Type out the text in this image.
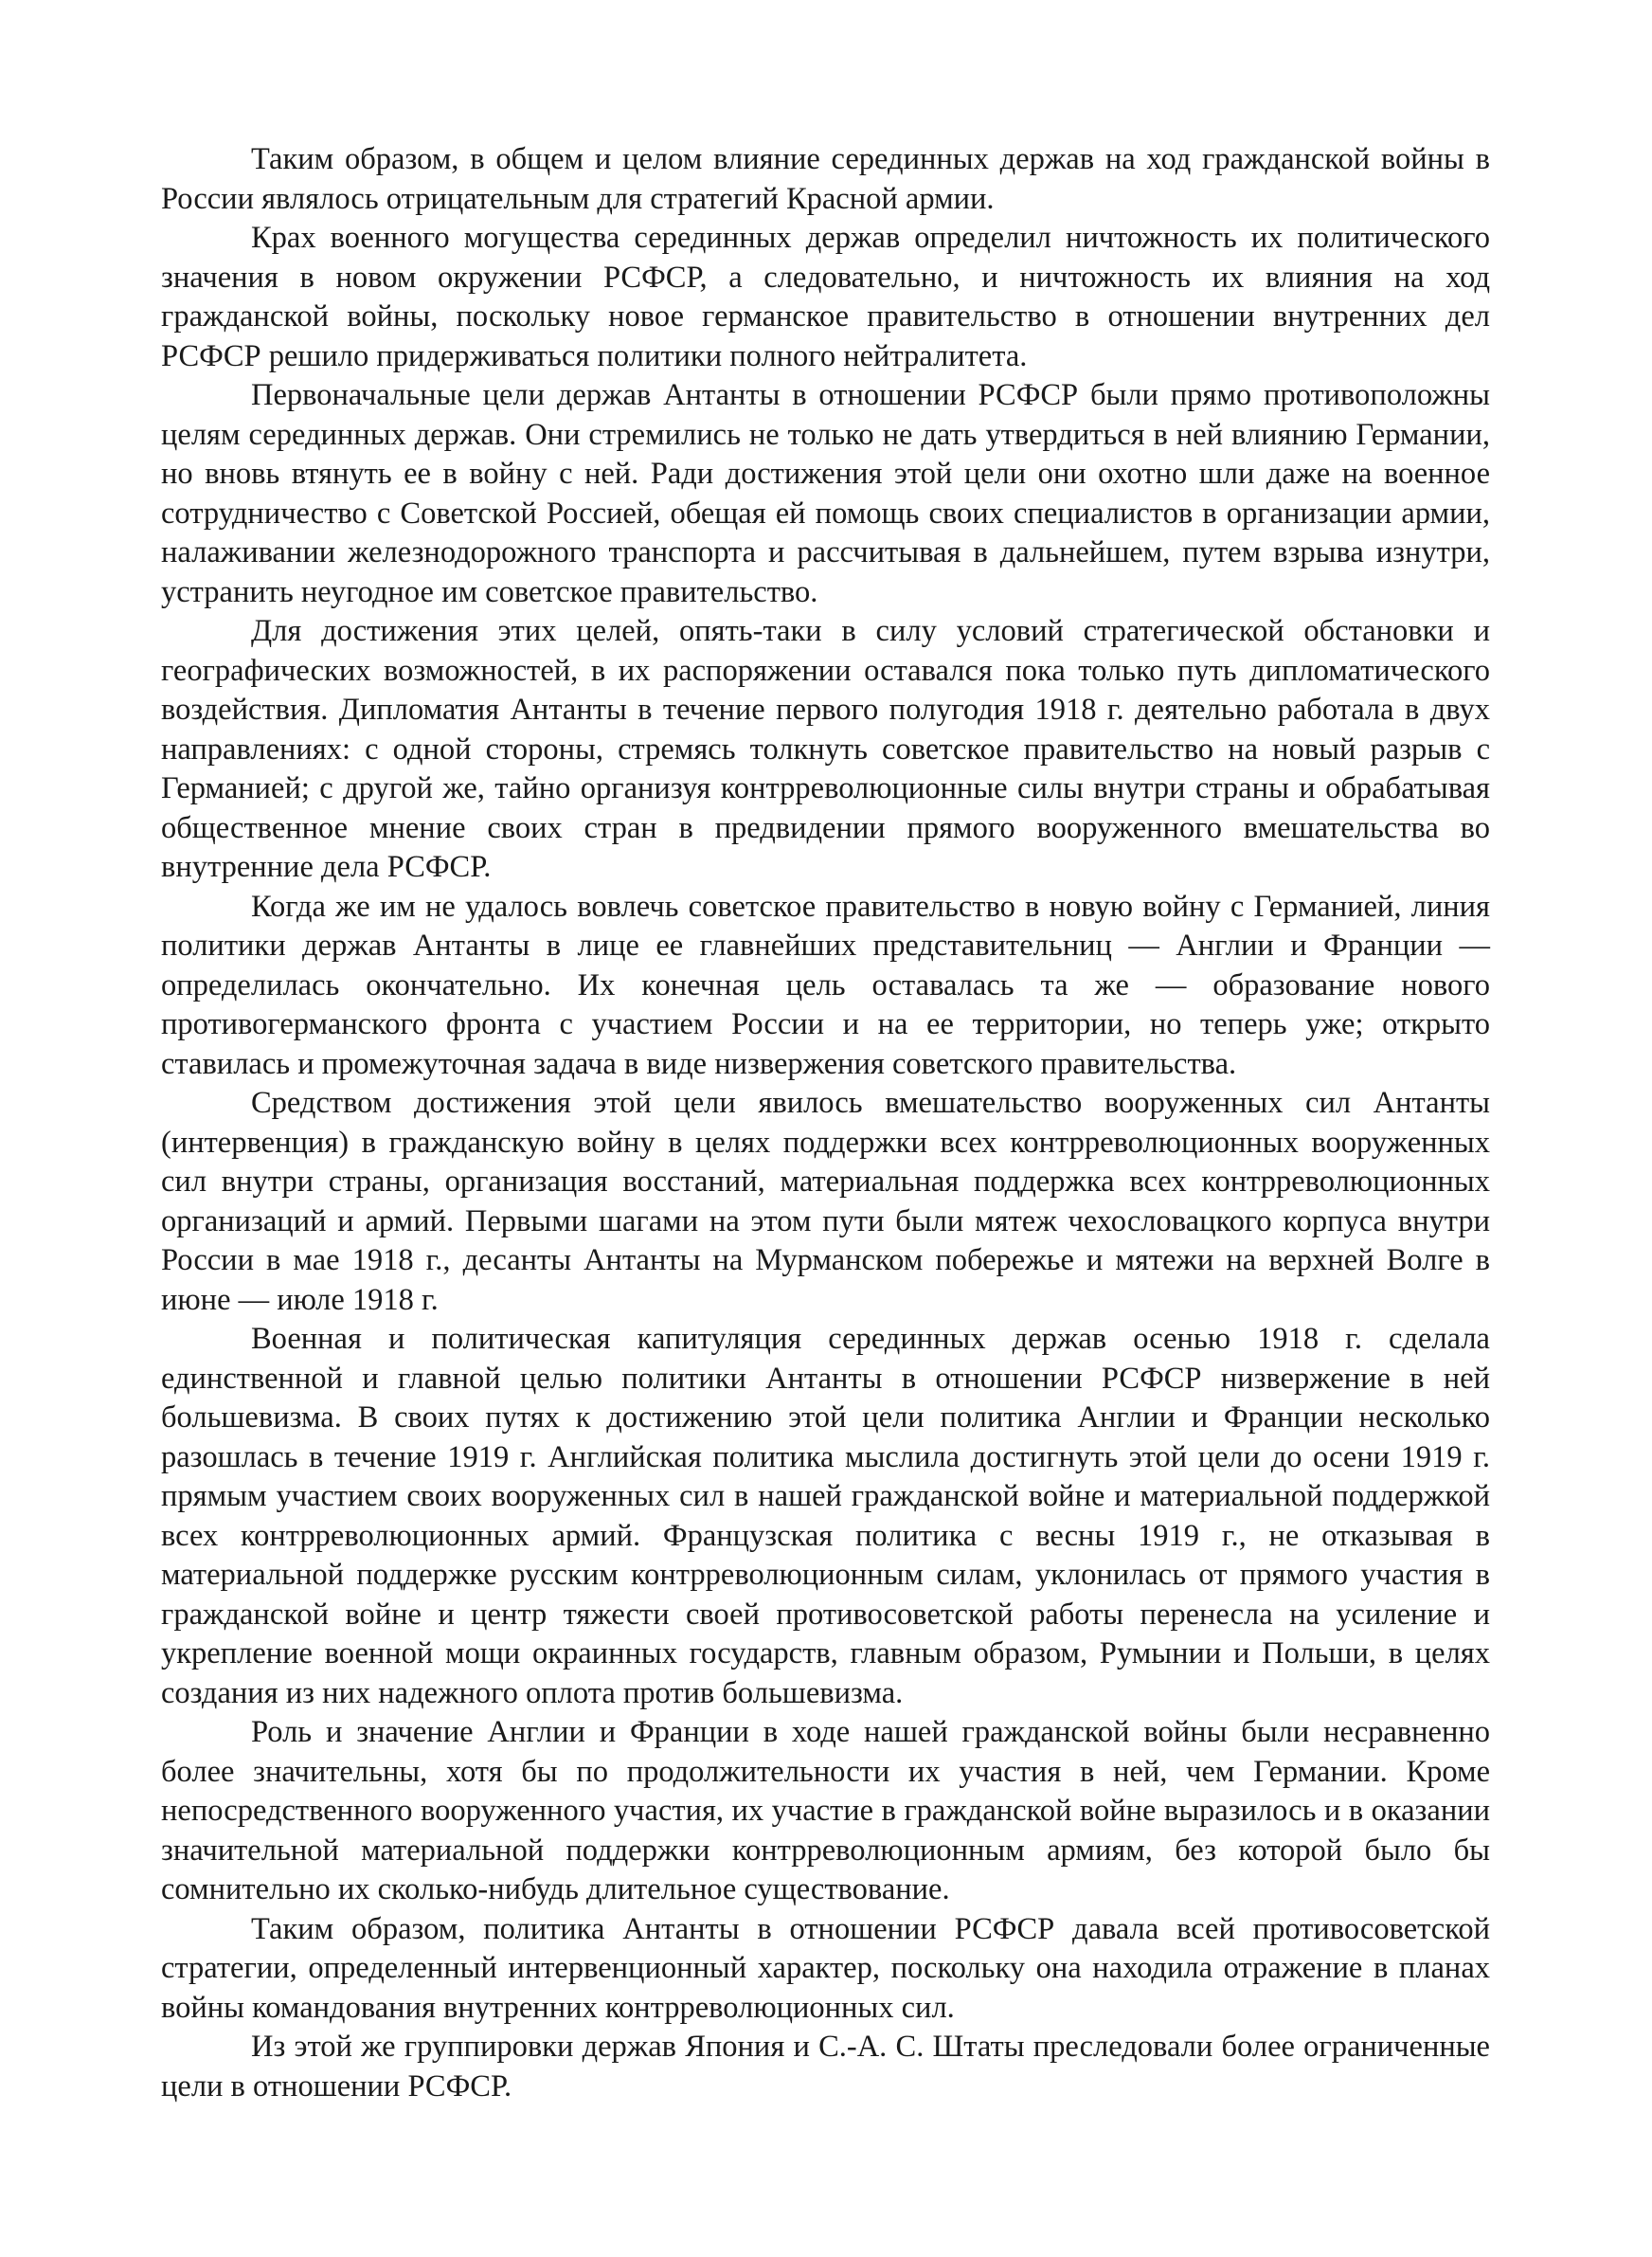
Таким образом, в общем и целом влияние серединных держав на ход гражданской войны в России являлось отрицательным для стратегий Красной армии.

Крах военного могущества серединных держав определил ничтожность их политического значения в новом окружении РСФСР, а следовательно, и ничтожность их влияния на ход гражданской войны, поскольку новое германское правительство в отношении внутренних дел РСФСР решило придерживаться политики полного нейтралитета.

Первоначальные цели держав Антанты в отношении РСФСР были прямо противоположны целям серединных держав. Они стремились не только не дать утвердиться в ней влиянию Германии, но вновь втянуть ее в войну с ней. Ради достижения этой цели они охотно шли даже на военное сотрудничество с Советской Россией, обещая ей помощь своих специалистов в организации армии, налаживании железнодорожного транспорта и рассчитывая в дальнейшем, путем взрыва изнутри, устранить неугодное им советское правительство.

Для достижения этих целей, опять-таки в силу условий стратегической обстановки и географических возможностей, в их распоряжении оставался пока только путь дипломатического воздействия. Дипломатия Антанты в течение первого полугодия 1918 г. деятельно работала в двух направлениях: с одной стороны, стремясь толкнуть советское правительство на новый разрыв с Германией; с другой же, тайно организуя контрреволюционные силы внутри страны и обрабатывая общественное мнение своих стран в предвидении прямого вооруженного вмешательства во внутренние дела РСФСР.

Когда же им не удалось вовлечь советское правительство в новую войну с Германией, линия политики держав Антанты в лице ее главнейших представительниц — Англии и Франции — определилась окончательно. Их конечная цель оставалась та же — образование нового противогерманского фронта с участием России и на ее территории, но теперь уже; открыто ставилась и промежуточная задача в виде низвержения советского правительства.

Средством достижения этой цели явилось вмешательство вооруженных сил Антанты (интервенция) в гражданскую войну в целях поддержки всех контрреволюционных вооруженных сил внутри страны, организация восстаний, материальная поддержка всех контрреволюционных организаций и армий. Первыми шагами на этом пути были мятеж чехословацкого корпуса внутри России в мае 1918 г., десанты Антанты на Мурманском побережье и мятежи на верхней Волге в июне — июле 1918 г.

Военная и политическая капитуляция серединных держав осенью 1918 г. сделала единственной и главной целью политики Антанты в отношении РСФСР низвержение в ней большевизма. В своих путях к достижению этой цели политика Англии и Франции несколько разошлась в течение 1919 г. Английская политика мыслила достигнуть этой цели до осени 1919 г. прямым участием своих вооруженных сил в нашей гражданской войне и материальной поддержкой всех контрреволюционных армий. Французская политика с весны 1919 г., не отказывая в материальной поддержке русским контрреволюционным силам, уклонилась от прямого участия в гражданской войне и центр тяжести своей противосоветской работы перенесла на усиление и укрепление военной мощи окраинных государств, главным образом, Румынии и Польши, в целях создания из них надежного оплота против большевизма.

Роль и значение Англии и Франции в ходе нашей гражданской войны были несравненно более значительны, хотя бы по продолжительности их участия в ней, чем Германии. Кроме непосредственного вооруженного участия, их участие в гражданской войне выразилось и в оказании значительной материальной поддержки контрреволюционным армиям, без которой было бы сомнительно их сколько-нибудь длительное существование.

Таким образом, политика Антанты в отношении РСФСР давала всей противосоветской стратегии, определенный интервенционный характер, поскольку она находила отражение в планах войны командования внутренних контрреволюционных сил.

Из этой же группировки держав Япония и С.-А. С. Штаты преследовали более ограниченные цели в отношении РСФСР.
